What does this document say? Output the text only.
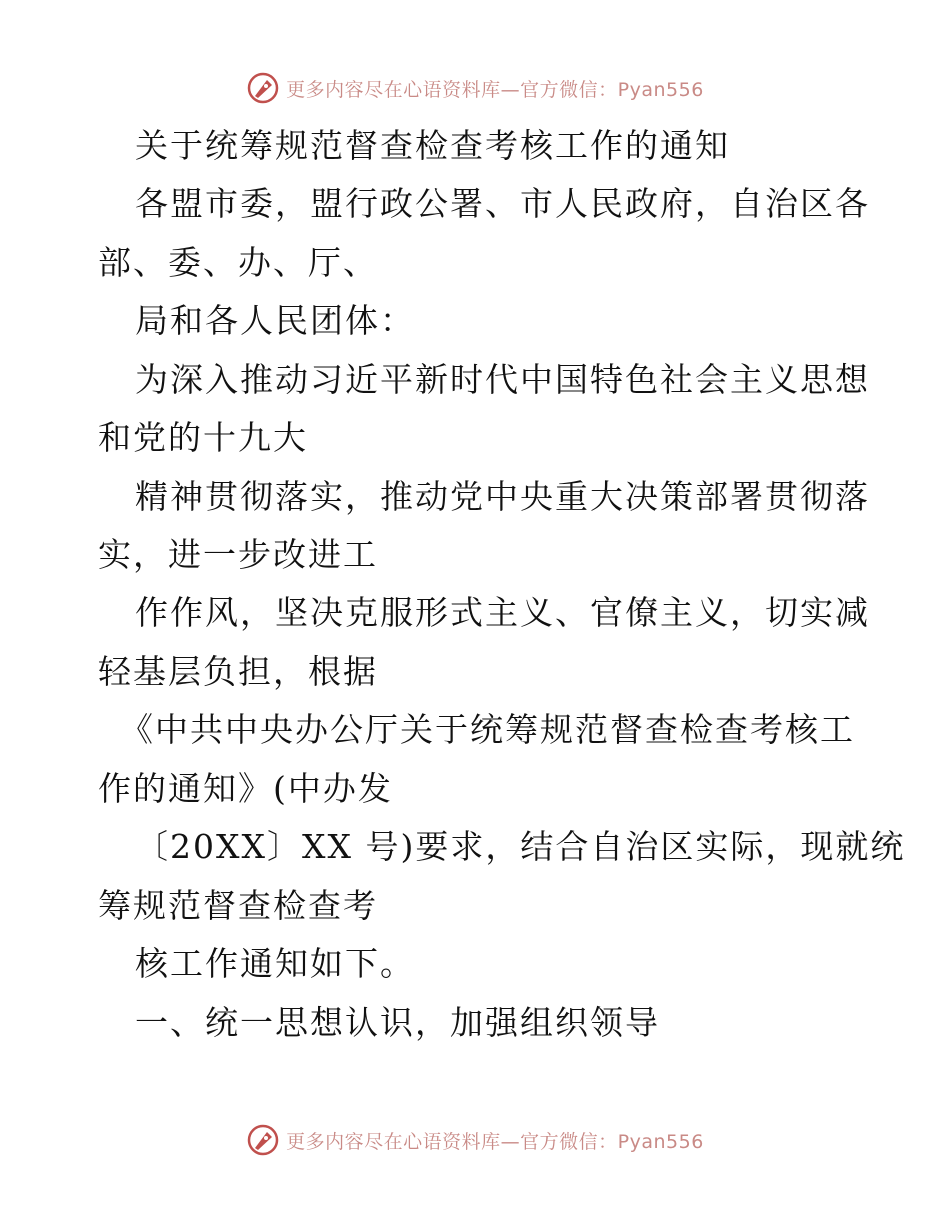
更多内容尽在心语资料库—官方微信：Pyan556
关于统筹规范督查检查考核工作的通知
各盟市委，盟行政公署、市人民政府，自治区各
部、委、办、厅、
局和各人民团体：
为深入推动习近平新时代中国特色社会主义思想
和党的十九大
精神贯彻落实，推动党中央重大决策部署贯彻落
实，进一步改进工
作作风，坚决克服形式主义、官僚主义，切实减
轻基层负担，根据
《中共中央办公厅关于统筹规范督查检查考核工
作的通知》(中办发
〔20XX〕XX 号)要求，结合自治区实际，现就统
筹规范督查检查考
核工作通知如下。
一、统一思想认识，加强组织领导
更多内容尽在心语资料库—官方微信：Pyan556
